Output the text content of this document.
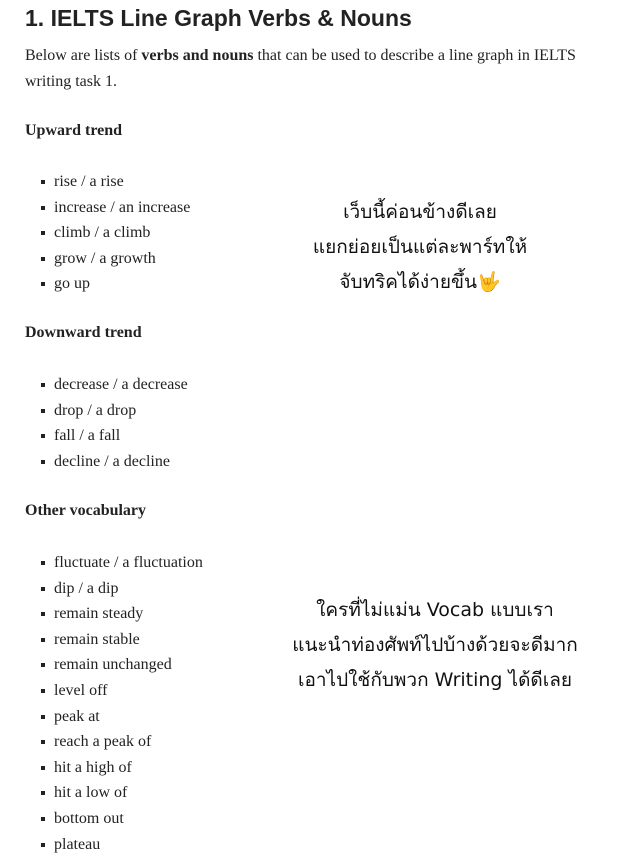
1. IELTS Line Graph Verbs & Nouns

Below are lists of verbs and nouns that can be used to describe a line graph in IELTS writing task 1.

Upward trend
rise / a rise
increase / an increase
climb / a climb
grow / a growth
go up
Downward trend
decrease / a decrease
drop / a drop
fall / a fall
decline / a decline
Other vocabulary
fluctuate / a fluctuation
dip / a dip
remain steady
remain stable
remain unchanged
level off
peak at
reach a peak of
hit a high of
hit a low of
bottom out
plateau
เว็บนี้ค่อนข้างดีเลย
แยกย่อยเป็นแต่ละพาร์ทให้
จับทริคได้ง่ายขึ้น🤟
ใครที่ไม่แม่น Vocab แบบเรา
แนะนำท่องศัพท์ไปบ้างด้วยจะดีมาก
เอาไปใช้กับพวก Writing ได้ดีเลย
